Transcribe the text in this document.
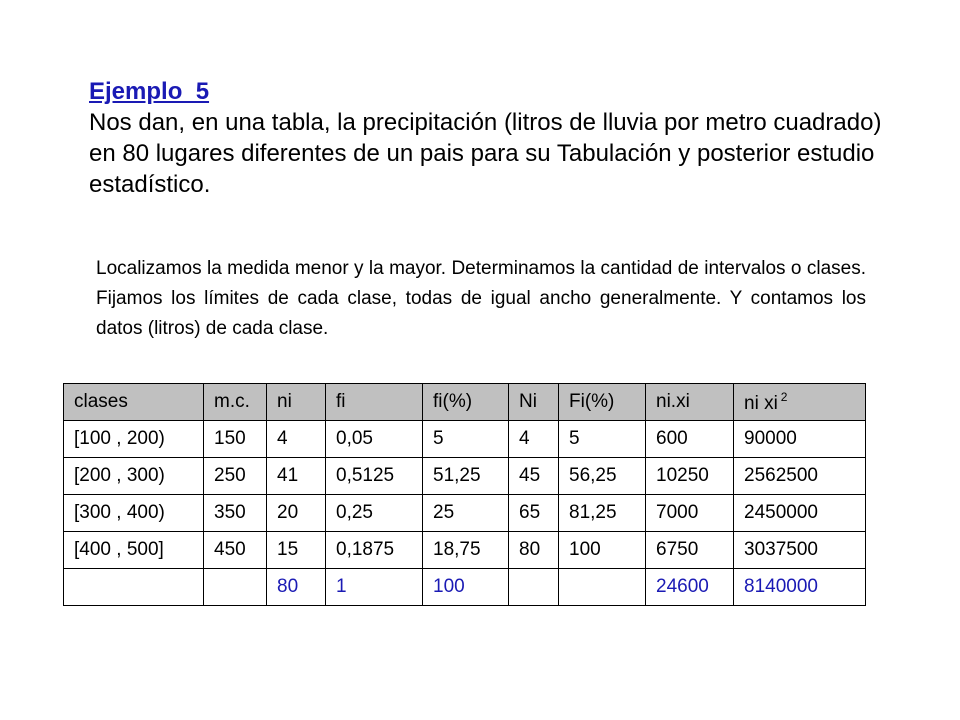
Ejemplo_5
Nos dan, en una tabla, la precipitación (litros de lluvia por metro cuadrado) en 80 lugares diferentes de un pais para su Tabulación y posterior estudio estadístico.
Localizamos la medida menor y la mayor. Determinamos la cantidad de intervalos o clases. Fijamos los límites de cada clase, todas de igual ancho generalmente. Y contamos los datos (litros) de cada clase.
clases	m.c.	ni	fi	fi(%)	Ni	Fi(%)	ni.xi	ni xi $^2$
[100 , 200)	150	4	0,05	5	4	5	600	90000
[200 , 300)	250	41	0,5125	51,25	45	56,25	10250	2562500
[300 , 400)	350	20	0,25	25	65	81,25	7000	2450000
[400 , 500]	450	15	0,1875	18,75	80	100	6750	3037500
		80	1	100			24600	8140000
